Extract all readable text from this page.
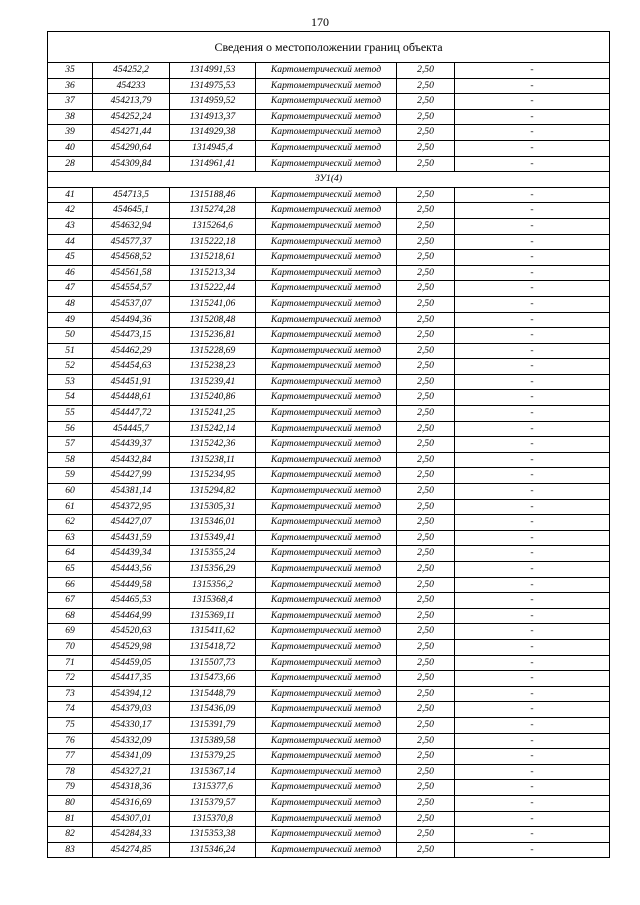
170
Сведения о местоположении границ объекта					
35	454252,2	1314991,53	Картометрический метод	2,50	-
36	454233	1314975,53	Картометрический метод	2,50	-
37	454213,79	1314959,52	Картометрический метод	2,50	-
38	454252,24	1314913,37	Картометрический метод	2,50	-
39	454271,44	1314929,38	Картометрический метод	2,50	-
40	454290,64	1314945,4	Картометрический метод	2,50	-
28	454309,84	1314961,41	Картометрический метод	2,50	-
ЗУ1(4)					
41	454713,5	1315188,46	Картометрический метод	2,50	-
42	454645,1	1315274,28	Картометрический метод	2,50	-
43	454632,94	1315264,6	Картометрический метод	2,50	-
44	454577,37	1315222,18	Картометрический метод	2,50	-
45	454568,52	1315218,61	Картометрический метод	2,50	-
46	454561,58	1315213,34	Картометрический метод	2,50	-
47	454554,57	1315222,44	Картометрический метод	2,50	-
48	454537,07	1315241,06	Картометрический метод	2,50	-
49	454494,36	1315208,48	Картометрический метод	2,50	-
50	454473,15	1315236,81	Картометрический метод	2,50	-
51	454462,29	1315228,69	Картометрический метод	2,50	-
52	454454,63	1315238,23	Картометрический метод	2,50	-
53	454451,91	1315239,41	Картометрический метод	2,50	-
54	454448,61	1315240,86	Картометрический метод	2,50	-
55	454447,72	1315241,25	Картометрический метод	2,50	-
56	454445,7	1315242,14	Картометрический метод	2,50	-
57	454439,37	1315242,36	Картометрический метод	2,50	-
58	454432,84	1315238,11	Картометрический метод	2,50	-
59	454427,99	1315234,95	Картометрический метод	2,50	-
60	454381,14	1315294,82	Картометрический метод	2,50	-
61	454372,95	1315305,31	Картометрический метод	2,50	-
62	454427,07	1315346,01	Картометрический метод	2,50	-
63	454431,59	1315349,41	Картометрический метод	2,50	-
64	454439,34	1315355,24	Картометрический метод	2,50	-
65	454443,56	1315356,29	Картометрический метод	2,50	-
66	454449,58	1315356,2	Картометрический метод	2,50	-
67	454465,53	1315368,4	Картометрический метод	2,50	-
68	454464,99	1315369,11	Картометрический метод	2,50	-
69	454520,63	1315411,62	Картометрический метод	2,50	-
70	454529,98	1315418,72	Картометрический метод	2,50	-
71	454459,05	1315507,73	Картометрический метод	2,50	-
72	454417,35	1315473,66	Картометрический метод	2,50	-
73	454394,12	1315448,79	Картометрический метод	2,50	-
74	454379,03	1315436,09	Картометрический метод	2,50	-
75	454330,17	1315391,79	Картометрический метод	2,50	-
76	454332,09	1315389,58	Картометрический метод	2,50	-
77	454341,09	1315379,25	Картометрический метод	2,50	-
78	454327,21	1315367,14	Картометрический метод	2,50	-
79	454318,36	1315377,6	Картометрический метод	2,50	-
80	454316,69	1315379,57	Картометрический метод	2,50	-
81	454307,01	1315370,8	Картометрический метод	2,50	-
82	454284,33	1315353,38	Картометрический метод	2,50	-
83	454274,85	1315346,24	Картометрический метод	2,50	-
